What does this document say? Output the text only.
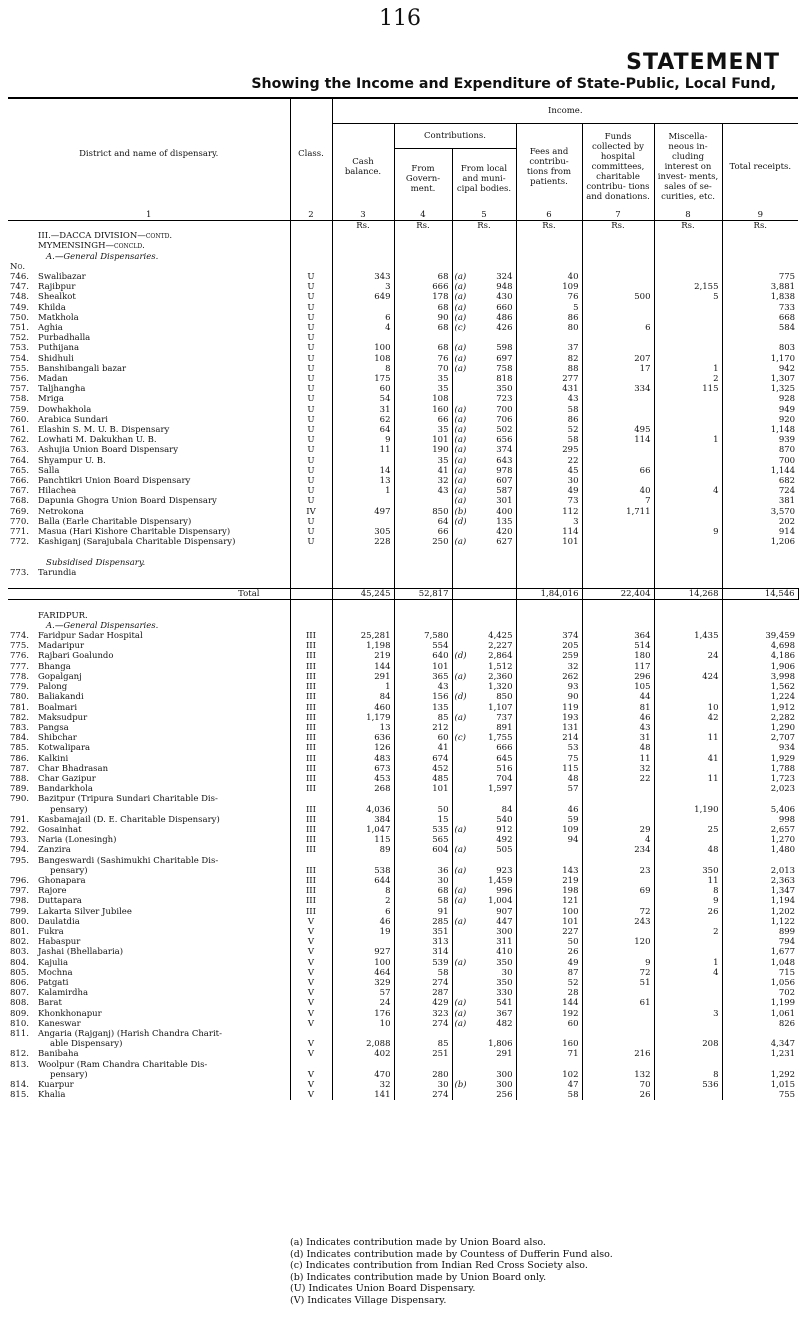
116
STATEMENT
Showing the Income and Expenditure of State-Public, Local Fund,
District and name of dispensary.	Class.	Income.							
		Cash balance.	Contributions.		Fees and contribu- tions from patients.	Funds collected by hospital committees, charitable contribu- tions and donations.	Miscella- neous in- cluding interest on invest- ments, sales of se- curities, etc.	Total receipts.	
			From Govern- ment.	From local and muni- cipal bodies.					
1	2	3	4	5	6	7	8	9	
		Rs.	Rs.	Rs.	Rs.	Rs.	Rs.	Rs.	
III.—DACCA DIVISION—contd.									
MYMENSINGH—concld.									
A.—General Dispensaries.									
No.									
746. Swalibazar	U	343	68	(a) 324	40			775	
747. Rajibpur	U	3	666	(a) 948	109		2,155	3,881	
748. Shealkot	U	649	178	(a) 430	76	500	5	1,838	
749. Khilda	U		68	(a) 660	5			733	
750. Matkhola	U	6	90	(a) 486	86			668	
751. Aghia	U	4	68	(c) 426	80	6		584	
752. Purbadhalla	U				

753. Puthijana	U	100	68	(a) 598	37			803	
754. Shidhuli	U	108	76	(a) 697	82	207		1,170	
755. Banshibangali bazar	U	8	70	(a) 758	88	17	1	942	
756. Madan	U	175	35	818	277		2	1,307	
757. Taljhangha	U	60	35	350	431	334	115	1,325	
758. Mriga	U	54	108	723	43			928	
759. Dowhakhola	U	31	160	(a) 700	58			949	
760. Arabica Sundari	U	62	66	(a) 706	86			920	
761. Elashin S. M. U. B. Dispensary	U	64	35	(a) 502	52	495		1,148	
762. Lowhati M. Dakukhan U. B.	U	9	101	(a) 656	58	114	1	939	
763. Ashujia Union Board Dispensary	U	11	190	(a) 374	295			870	
764. Shyampur U. B.	U		35	(a) 643	22			700	
765. Salla	U	14	41	(a) 978	45	66		1,144	
766. Panchtikri Union Board Dispensary	U	13	32	(a) 607	30			682	
767. Hilachea	U	1	43	(a) 587	49	40	4	724	
768. Dapunia Ghogra Union Board Dispensary	U			(a) 301	73	7		381	
769. Netrokona	IV	497	850	(b) 400	112	1,711		3,570	
770. Balla (Earle Charitable Dispensary)	U		64	(d) 135	3			202	
771. Masua (Hari Kishore Charitable Dispensary)	U	305	66	420	114		9	914	
772. Kashiganj (Sarajubala Charitable Dispensary)	U	228	250	(a) 627	101			1,206	

Subsidised Dispensary.									
773. Tarundia					

Total		45,245	52,817		1,84,016	22,404	14,268	14,546	

FARIDPUR.									
A.—General Dispensaries.									
774. Faridpur Sadar Hospital	III	25,281	7,580	4,425	374	364	1,435	39,459	
775. Madaripur	III	1,198	554	2,227	205	514		4,698	
776. Rajbari Goalundo	III	219	640	(d) 2,864	259	180	24	4,186	
777. Bhanga	III	144	101	1,512	32	117		1,906	
778. Gopalganj	III	291	365	(a) 2,360	262	296	424	3,998	
779. Palong	III	1	43	1,320	93	105		1,562	
780. Baliakandi	III	84	156	(d) 850	90	44		1,224	
781. Boalmari	III	460	135	1,107	119	81	10	1,912	
782. Maksudpur	III	1,179	85	(a) 737	193	46	42	2,282	
783. Pangsa	III	13	212	891	131	43		1,290	
784. Shibchar	III	636	60	(c) 1,755	214	31	11	2,707	
785. Kotwalipara	III	126	41	666	53	48		934	
786. Kalkini	III	483	674	645	75	11	41	1,929	
787. Char Bhadrasan	III	673	452	516	115	32		1,788	
788. Char Gazipur	III	453	485	704	48	22	11	1,723	
789. Bandarkhola	III	268	101	1,597	57			2,023	
790. Bazitpur (Tripura Sundari Charitable Dis-					

pensary)	III	4,036	50	84	46		1,190	5,406	
791. Kasbamajail (D. E. Charitable Dispensary)	III	384	15	540	59			998	
792. Gosainhat	III	1,047	535	(a) 912	109	29	25	2,657	
793. Naria (Lonesingh)	III	115	565	492	94	4		1,270	
794. Zanzira	III	89	604	(a) 505		234	48	1,480	
795. Bangeswardi (Sashimukhi Charitable Dis-					

pensary)	III	538	36	(a) 923	143	23	350	2,013	
796. Ghonapara	III	644	30	1,459	219		11	2,363	
797. Rajore	III	8	68	(a) 996	198	69	8	1,347	
798. Duttapara	III	2	58	(a) 1,004	121		9	1,194	
799. Lakarta Silver Jubilee	III	6	91	907	100	72	26	1,202	
800. Daulatdia	V	46	285	(a) 447	101	243		1,122	
801. Fukra	V	19	351	300	227		2	899	
802. Habaspur	V		313	311	50	120		794	
803. Jashai (Bhellabaria)	V	927	314	410	26			1,677	
804. Kajulia	V	100	539	(a) 350	49	9	1	1,048	
805. Mochna	V	464	58	30	87	72	4	715	
806. Patgati	V	329	274	350	52	51		1,056	
807. Kalamirdha	V	57	287	330	28			702	
808. Barat	V	24	429	(a) 541	144	61		1,199	
809. Khonkhonapur	V	176	323	(a) 367	192		3	1,061	
810. Kaneswar	V	10	274	(a) 482	60			826	
811. Angaria (Rajganj) (Harish Chandra Charit-					

able Dispensary)	V	2,088	85	1,806	160		208	4,347	
812. Banibaha	V	402	251	291	71	216		1,231	
813. Woolpur (Ram Chandra Charitable Dis-					

pensary)	V	470	280	300	102	132	8	1,292	
814. Kuarpur	V	32	30	(b) 300	47	70	536	1,015	
815. Khalia	V	141	274	256	58	26		755	
(a) Indicates contribution made by Union Board also.
(d) Indicates contribution made by Countess of Dufferin Fund also.
(c) Indicates contribution from Indian Red Cross Society also.
(b) Indicates contribution made by Union Board only.
(U) Indicates Union Board Dispensary.
(V) Indicates Village Dispensary.
